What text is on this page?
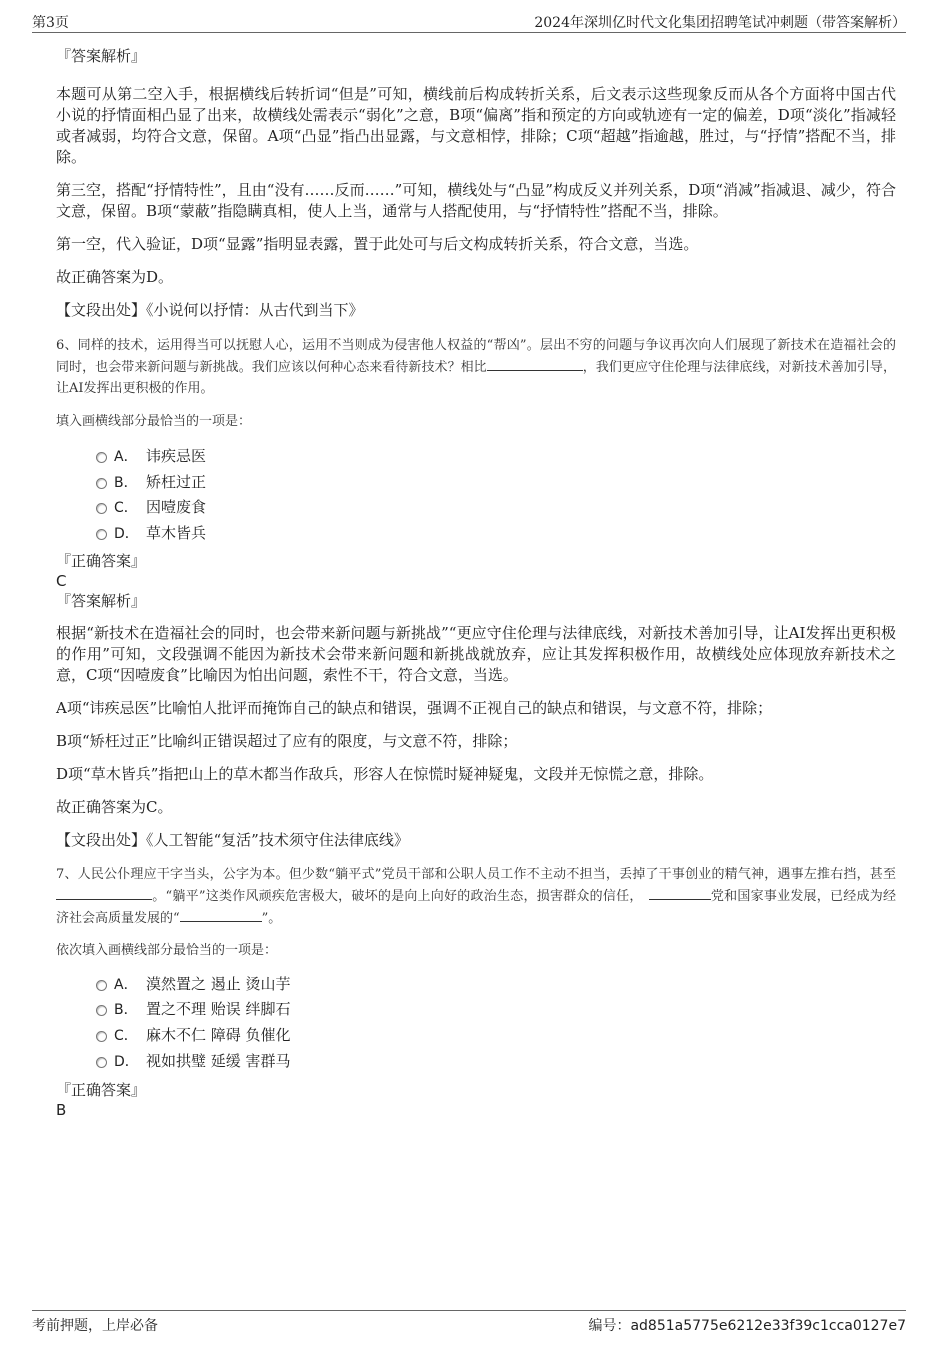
第3页	2024年深圳亿时代文化集团招聘笔试冲刺题（带答案解析）

『答案解析』

本题可从第二空入手，根据横线后转折词“但是”可知，横线前后构成转折关系，后文表示这些现象反而从各个方面将中国古代小说的抒情面相凸显了出来，故横线处需表示“弱化”之意，B项“偏离”指和预定的方向或轨迹有一定的偏差，D项“淡化”指减轻或者减弱，均符合文意，保留。A项“凸显”指凸出显露，与文意相悖，排除；C项“超越”指逾越，胜过，与“抒情”搭配不当，排除。

第三空，搭配“抒情特性”，且由“没有……反而……”可知，横线处与“凸显”构成反义并列关系，D项“消减”指减退、减少，符合文意，保留。B项“蒙蔽”指隐瞒真相，使人上当，通常与人搭配使用，与“抒情特性”搭配不当，排除。

第一空，代入验证，D项“显露”指明显表露，置于此处可与后文构成转折关系，符合文意，当选。

故正确答案为D。

【文段出处】《小说何以抒情：从古代到当下》

6、同样的技术，运用得当可以抚慰人心，运用不当则成为侵害他人权益的“帮凶”。层出不穷的问题与争议再次向人们展现了新技术在造福社会的同时，也会带来新问题与新挑战。我们应该以何种心态来看待新技术？相比	，我们更应守住伦理与法律底线，对新技术善加引导，让AI发挥出更积极的作用。

填入画横线部分最恰当的一项是：

A． 讳疾忌医
B． 矫枉过正
C． 因噎废食
D． 草木皆兵

『正确答案』

C

『答案解析』

根据“新技术在造福社会的同时，也会带来新问题与新挑战”“更应守住伦理与法律底线，对新技术善加引导，让AI发挥出更积极的作用”可知，文段强调不能因为新技术会带来新问题和新挑战就放弃，应让其发挥积极作用，故横线处应体现放弃新技术之意，C项“因噎废食”比喻因为怕出问题，索性不干，符合文意，当选。

A项“讳疾忌医”比喻怕人批评而掩饰自己的缺点和错误，强调不正视自己的缺点和错误，与文意不符，排除；

B项“矫枉过正”比喻纠正错误超过了应有的限度，与文意不符，排除；

D项“草木皆兵”指把山上的草木都当作敌兵，形容人在惊慌时疑神疑鬼，文段并无惊慌之意，排除。

故正确答案为C。

【文段出处】《人工智能“复活”技术须守住法律底线》

7、人民公仆理应干字当头，公字为本。但少数“躺平式”党员干部和公职人员工作不主动不担当，丢掉了干事创业的精气神，遇事左推右挡，甚至。“躺平”这类作风顽疾危害极大，破坏的是向上向好的政治生态，损害群众的信任，	党和国家事业发展，已经成为经济社会高质量发展的“	”。

依次填入画横线部分最恰当的一项是：

A． 漠然置之 遏止 烫山芋
B． 置之不理 贻误 绊脚石
C． 麻木不仁 障碍 负催化
D． 视如拱璧 延缓 害群马

『正确答案』

B

考前押题，上岸必备	编号：ad851a5775e6212e33f39c1cca0127e7
